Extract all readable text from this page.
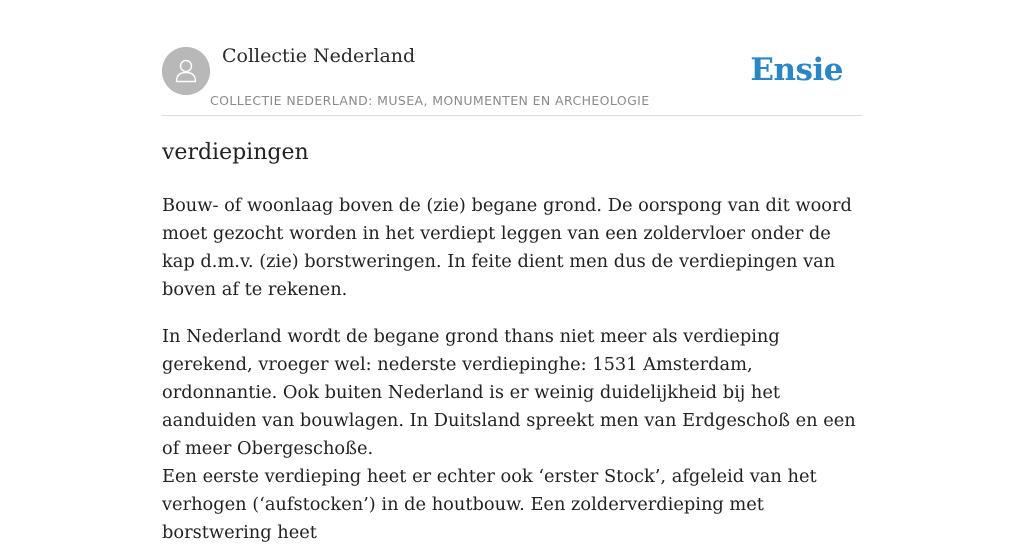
Collectie Nederland
COLLECTIE NEDERLAND: MUSEA, MONUMENTEN EN ARCHEOLOGIE
Ensie
verdiepingen

Bouw- of woonlaag boven de (zie) begane grond. De oorspong van dit woord moet gezocht worden in het verdiept leggen van een zoldervloer onder de kap d.m.v. (zie) borstweringen. In feite dient men dus de verdiepingen van boven af te rekenen.

In Nederland wordt de begane grond thans niet meer als verdieping gerekend, vroeger wel: nederste verdiepinghe: 1531 Amsterdam, ordonnantie. Ook buiten Nederland is er weinig duidelijkheid bij het aanduiden van bouwlagen. In Duitsland spreekt men van Erdgeschoß en een of meer Obergeschoße.

Een eerste verdieping heet er echter ook ‘erster Stock’, afgeleid van het verhogen (‘aufstocken’) in de houtbouw. Een zolderverdieping met borstwering heet
